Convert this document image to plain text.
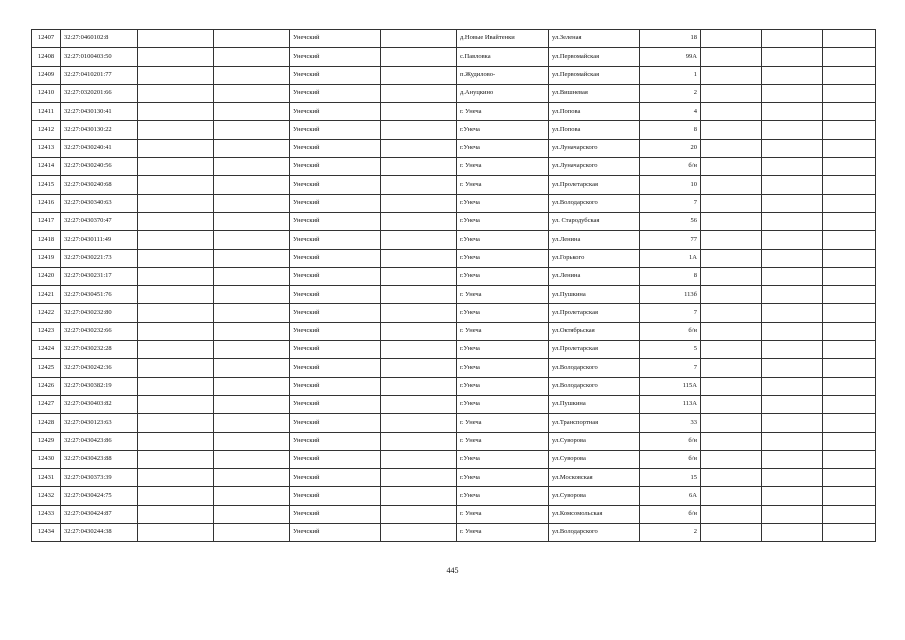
12407	32:27:0460102:8			Унечский		д.Новые Ивайтенки	ул.Зеленая	18			
12408	32:27:0100403:50			Унечский		с.Павловка	ул.Первомайская	99А			
12409	32:27:0410201:77			Унечский		п.Жудилово-	ул.Первомайская	1			
12410	32:27:0320201:66			Унечский		д.Ануцкино	ул.Вишневая	2			
12411	32:27:0430130:41			Унечский		г. Унеча	ул.Попова	4			
12412	32:27:0430130:22			Унечский		г.Унеча	ул.Попова	8			
12413	32:27:0430240:41			Унечский		г.Унеча	ул.Луначарского	20			
12414	32:27:0430240:56			Унечский		г. Унеча	ул.Луначарского	б/н			
12415	32:27:0430240:68			Унечский		г. Унеча	ул.Пролетарская	10			
12416	32:27:0430340:63			Унечский		г.Унеча	ул.Володарского	7			
12417	32:27:0430370:47			Унечский		г.Унеча	ул. Стародубская	56			
12418	32:27:0430111:49			Унечский		г.Унеча	ул.Ленина	77			
12419	32:27:0430221:73			Унечский		г.Унеча	ул.Горького	1А			
12420	32:27:0430231:17			Унечский		г.Унеча	ул.Ленина	8			
12421	32:27:0430451:76			Унечский		г. Унеча	ул.Пушкина	113б			
12422	32:27:0430232:80			Унечский		г.Унеча	ул.Пролетарская	7			
12423	32:27:0430232:66			Унечский		г. Унеча	ул.Октябрьская	б/н			
12424	32:27:0430232:28			Унечский		г.Унеча	ул.Пролетарская	5			
12425	32:27:0430242:36			Унечский		г.Унеча	ул.Володарского	7			
12426	32:27:0430382:19			Унечский		г.Унеча	ул.Володарского	115А			
12427	32:27:0430403:82			Унечский		г.Унеча	ул.Пушкина	113А			
12428	32:27:0430123:63			Унечский		г. Унеча	ул.Транспортная	33			
12429	32:27:0430423:86			Унечский		г. Унеча	ул.Суворова	б/н			
12430	32:27:0430423:88			Унечский		г.Унеча	ул.Суворова	б/н			
12431	32:27:0430373:39			Унечский		г.Унеча	ул.Московская	15			
12432	32:27:0430424:75			Унечский		г.Унеча	ул.Суворова	6А			
12433	32:27:0430424:87			Унечский		г. Унеча	ул.Комсомольская	б/н			
12434	32:27:0430244:38			Унечский		г. Унеча	ул.Володарского	2			
445
